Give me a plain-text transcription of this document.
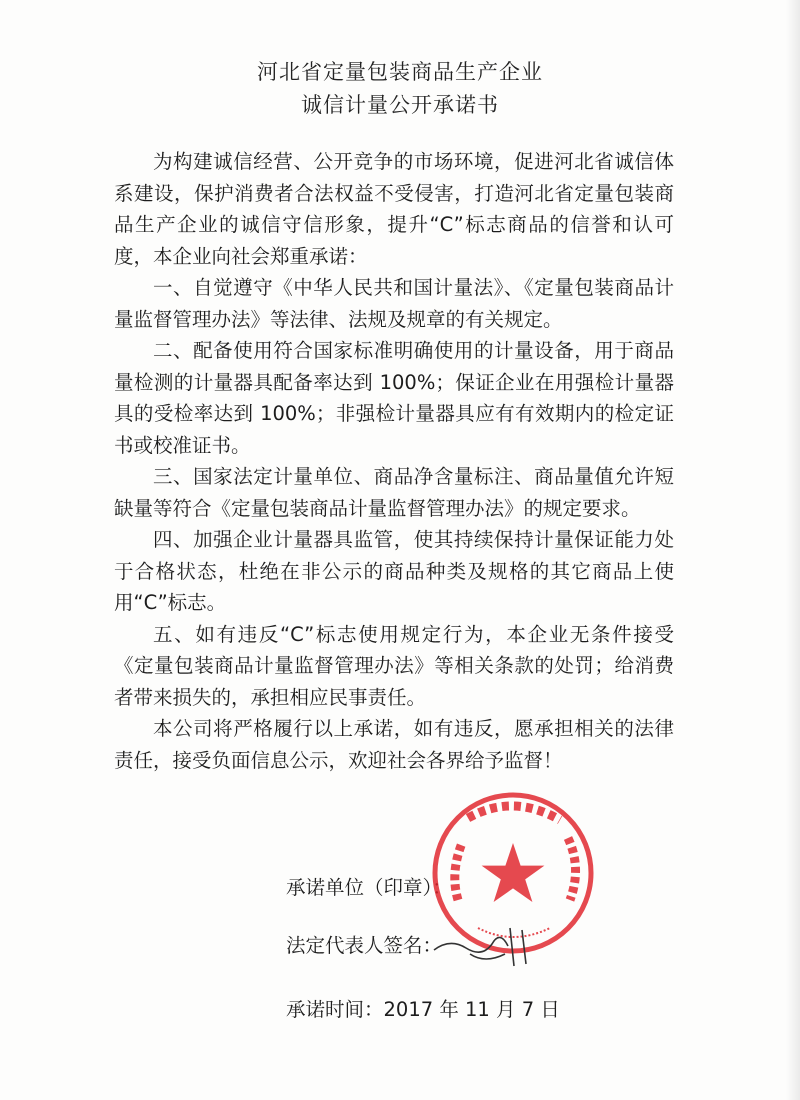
河北省定量包装商品生产企业
诚信计量公开承诺书

为构建诚信经营、公开竞争的市场环境，促进河北省诚信体系建设，保护消费者合法权益不受侵害，打造河北省定量包装商品生产企业的诚信守信形象，提升“C”标志商品的信誉和认可度，本企业向社会郑重承诺：

一、自觉遵守《中华人民共和国计量法》、《定量包装商品计量监督管理办法》等法律、法规及规章的有关规定。

二、配备使用符合国家标准明确使用的计量设备，用于商品量检测的计量器具配备率达到 100%；保证企业在用强检计量器具的受检率达到 100%；非强检计量器具应有有效期内的检定证书或校准证书。

三、国家法定计量单位、商品净含量标注、商品量值允许短缺量等符合《定量包装商品计量监督管理办法》的规定要求。

四、加强企业计量器具监管，使其持续保持计量保证能力处于合格状态，杜绝在非公示的商品种类及规格的其它商品上使用“C”标志。

五、如有违反“C”标志使用规定行为，本企业无条件接受《定量包装商品计量监督管理办法》等相关条款的处罚；给消费者带来损失的，承担相应民事责任。

本公司将严格履行以上承诺，如有违反，愿承担相关的法律责任，接受负面信息公示，欢迎社会各界给予监督！

承诺单位（印章）：
法定代表人签名：
承诺时间：2017 年 11 月 7 日
